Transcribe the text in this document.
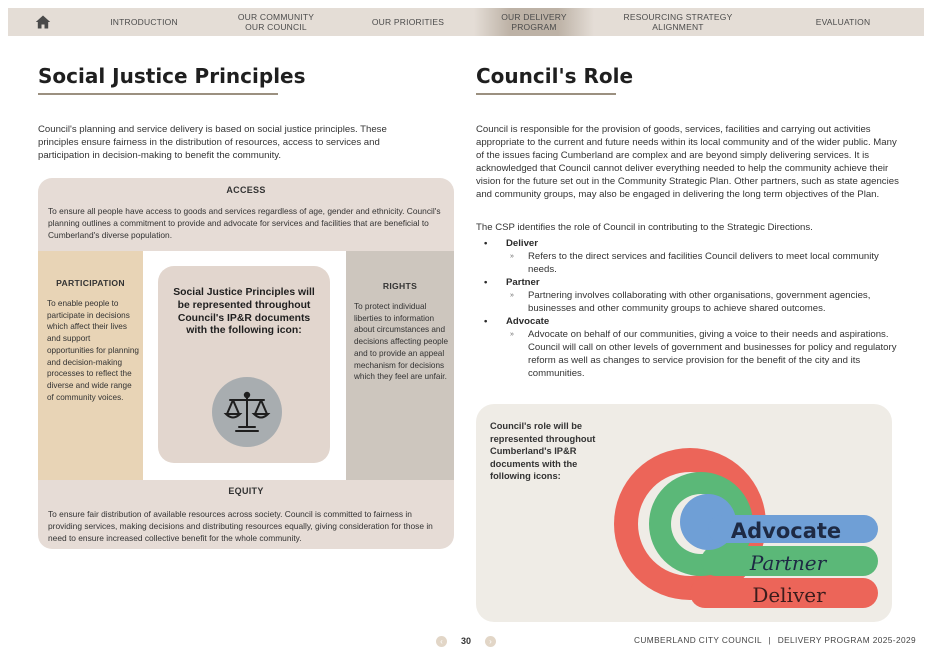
INTRODUCTION	OUR COMMUNITY
OUR COUNCIL	OUR PRIORITIES	OUR DELIVERY
PROGRAM
RESOURCING STRATEGY
ALIGNMENT	EVALUATION
Social Justice Principles
Council's planning and service delivery is based on social justice principles. These principles ensure fairness in the distribution of resources, access to services and participation in decision-making to benefit the community.
ACCESS
To ensure all people have access to goods and services regardless of age, gender and ethnicity. Council's planning outlines a commitment to provide and advocate for services and facilities that are beneficial to Cumberland's diverse population.
PARTICIPATION
To enable people to participate in decisions which affect their lives and support opportunities for planning and decision-making processes to reflect the diverse and wide range of community voices.
RIGHTS
To protect individual liberties to information about circumstances and decisions affecting people and to provide an appeal mechanism for decisions which they feel are unfair.
Social Justice Principles will be represented throughout Council's IP&R documents with the following icon:
EQUITY
To ensure fair distribution of available resources across society. Council is committed to fairness in providing services, making decisions and distributing resources equally, giving consideration for those in need to ensure increased collective benefit for the whole community.
Council's Role
Council is responsible for the provision of goods, services, facilities and carrying out activities appropriate to the current and future needs within its local community and of the wider public. Many of the issues facing Cumberland are complex and are beyond simply delivering services. It is acknowledged that Council cannot deliver everything needed to help the community achieve their vision for the future set out in the Community Strategic Plan. Other partners, such as state agencies and community groups, may also be engaged in delivering the long term objectives of the Plan.
The CSP identifies the role of Council in contributing to the Strategic Directions.
• Deliver
» Refers to the direct services and facilities Council delivers to meet local community needs.
• Partner
» Partnering involves collaborating with other organisations, government agencies, businesses and other community groups to achieve shared outcomes.
• Advocate
» Advocate on behalf of our communities, giving a voice to their needs and aspirations. Council will call on other levels of government and businesses for policy and regulatory reform as well as changes to service provision for the benefit of the city and its communities.
Council's role will be represented throughout Cumberland's IP&R documents with the following icons:
Advocate
Partner
Deliver
‹	30	›	CUMBERLAND CITY COUNCIL | DELIVERY PROGRAM 2025-2029
